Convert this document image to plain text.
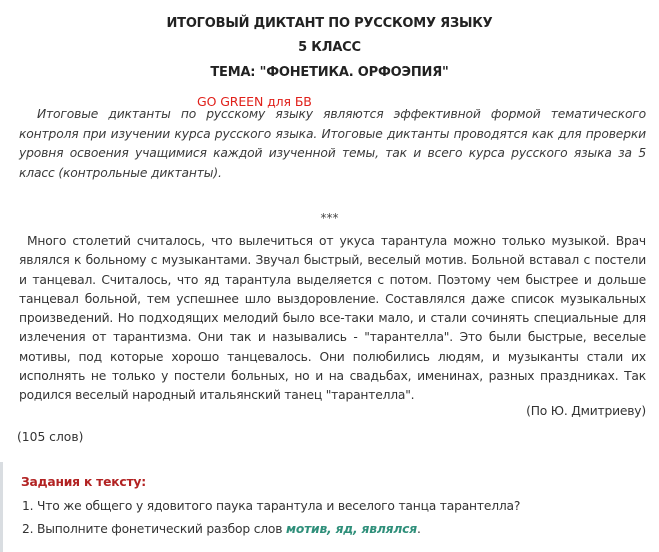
ИТОГОВЫЙ ДИКТАНТ ПО РУССКОМУ ЯЗЫКУ
5 КЛАСС
ТЕМА: "ФОНЕТИКА. ОРФОЭПИЯ"
GO GREEN для БВ
Итоговые диктанты по русскому языку являются эффективной формой тематического контроля при изучении курса русского языка. Итоговые диктанты проводятся как для проверки уровня освоения учащимися каждой изученной темы, так и всего курса русского языка за 5 класс (контрольные диктанты).
***
Много столетий считалось, что вылечиться от укуса тарантула можно только музыкой. Врач являлся к больному с музыкантами. Звучал быстрый, веселый мотив. Больной вставал с постели и танцевал. Считалось, что яд тарантула выделяется с потом. Поэтому чем быстрее и дольше танцевал больной, тем успешнее шло выздоровление. Составлялся даже список музыкальных произведений. Но подходящих мелодий было все-таки мало, и стали сочинять специальные для излечения от тарантизма. Они так и назывались - "тарантелла". Это были быстрые, веселые мотивы, под которые хорошо танцевалось. Они полюбились людям, и музыканты стали их исполнять не только у постели больных, но и на свадьбах, именинах, разных праздниках. Так родился веселый народный итальянский танец "тарантелла".
(По Ю. Дмитриеву)
(105 слов)
Задания к тексту:
1. Что же общего у ядовитого паука тарантула и веселого танца тарантелла?
2. Выполните фонетический разбор слов мотив, яд, являлся.
